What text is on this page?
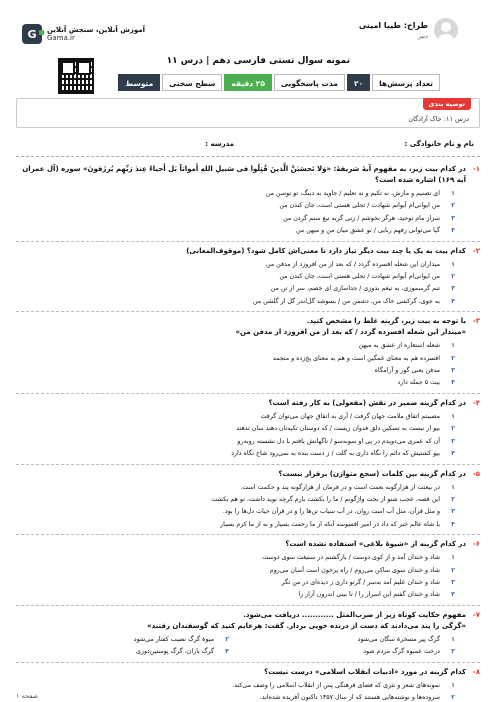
طراح: طیبا امینی
دبیر
G	آموزش آنلاین، سنجش آنلاین
Gama.ir
نمونه سوال تستی فارسی دهم | درس ۱۱
تعداد پرسش‌ها
۲۰
مدت پاسخگویی
۲۵ دقیقه
سطح سختی
متوسط
توصیه بندی
درس ۱۱: خاک آزادگان
نام و نام خانوادگی :
مدرسه :
۱-
در کدام بیت زیر، به مفهوم آیهٔ شریفهٔ: «وَلا تَحسَبَنَّ الَّذینَ قُتِلُوا فی سَبیلِ اللهِ أَمواتاً بَل أَحیاءٌ عِندَ رَبِّهِم یُرزَقونَ» سوره (آل عمران آیه ۱۶۹) اشاره شده است؟
۱
ای تصنیم و مازش، نه تکیم و نه تعلیم / جاوید به دیبگ، تو توسن من
۲
من ایوانی‌ام آیوانم شهادت / تجلی هستی است، جان کندن من
۳
سزاز مام توحید، هرگز نخوشم / زنی گربه تیغ ستم گردن من
۴
گیا می‌توانی زفهم ربایی / تو عشق میان من و میهن من
۲-
کدام بیت به یک یا چند بیت دیگر تیاز دارد تا معنی‌اش کامل شود؟ (موقوف‌المعانی)
۱
میداران این شعله افسرده گردد / که بعد از من افروزد از مدفن من
۲
من ایوانی‌ام آیوانم شهادت / تجلی هستی است، جان کندن من
۳
تنم گرسموزی، به تیغم بدوزی / جداسازی ای خصم، سر از تن من
۴
به جوی، گرکشی خاک من، دشمن من / بسوشد گل‌اندر گل از گلشن من
۳-
با توجه به بیت زیر، گزینه غلط را مشخص کنید.
«میندار این شعله افسرده گردد / که بعد از من افروزد از مدفن من»
۱
شعله استعاره از عشق به میهن
۲
افسرده هم به معنای غمگین است و هم به معنای یخ‌زده و منجمد
۳
مدفن یعنی گور و آرامگاه
۴
بیت ۵ جمله دارد
۴-
در کدام گزینه ضمیر در نقش (مفعولی) به کار رفته است؟
۱
مصیبتم اتفاق ملامت جهان گرفت / آری به اتفاق جهان می‌توان گرفت
۲
بیو ار نیست به تسکین دلق فدوان زیست / که دوستان تکیه‌تان دهند سان تدهند
۳
آن که عمری می‌دویدم در پی او سوبه‌سو / ناگهانش یافتم با دل نشسته روبه‌رو
۴
بیو کشتیش که دائم را نگاه داری به گلت / ز دست بنده به نمی‌رود شاخ نگاه دارد
۵-
در کدام گزینه بین کلمات (سجع متوازن) برقرار نیست؟
۱
در بیعثت از هزارگونه نعمت است و در فرمان از هزارگونه پند و حکمت است.
۲
این قصه، عجب شنو از بخت واژگونم / ما را بکشت یارم گرچه نوید داشت، تو هم بکشت
۳
و مثل قرآن، مثل آب است روان، در آب سیاب تن‌ها را و در قرآن حیات دل‌ها را بود.
۴
یا شاه عالم خبر که داد در امیر افسوسه آنکه از ما رحمت بسیار و نه از ما کرم بسیار
۶-
در کدام گزینه از «شیوهٔ بلاغی» استفاده نشده است؟
۱
شاد و خندان آمد و از کوی دوست / بازگشتم در ستیغت سوی دوست
۲
شاد و خندان سوی ساکن می‌روم / راه پرخون است آسان می‌روم
۳
شاد و خندان علیم آمد به‌سر / گرتو داری ز دیده‌ای در من تگر
۴
شاد و خندان گفتم این اسرار را / تا بینی اندرون آزار را
۷-
مفهوم حکایت کوتاه زیر از ضرب‌المثل ............ دریافت می‌شود.
«گرگی را پند می‌دادند که دست از درنده خویی بردار. گفت: هرعایم کنید که گوسفندان رفتند»
۱
گرگ پیر مسخرهٔ سگان می‌شود
۲
میوهٔ گرگ نصیب کفتار می‌شود
۳
درخت عمبوه گرگ مردم شود
۴
گرگ باران، گرگ پوستین‌دوزی
۸-
کدام گزینه در مورد «ادبیات انقلاب اسلامی» درست نیست؟
۱
نمونه‌های شعر و نثری که فضای فرهنگی پس از انقلاب اسلامی را وصف می‌کند.
۲
سروده‌ها و نوشته‌هایی هستند که از سال ۱۳۵۷ تاکنون آفریده شده‌اند.
صفحه ۱
